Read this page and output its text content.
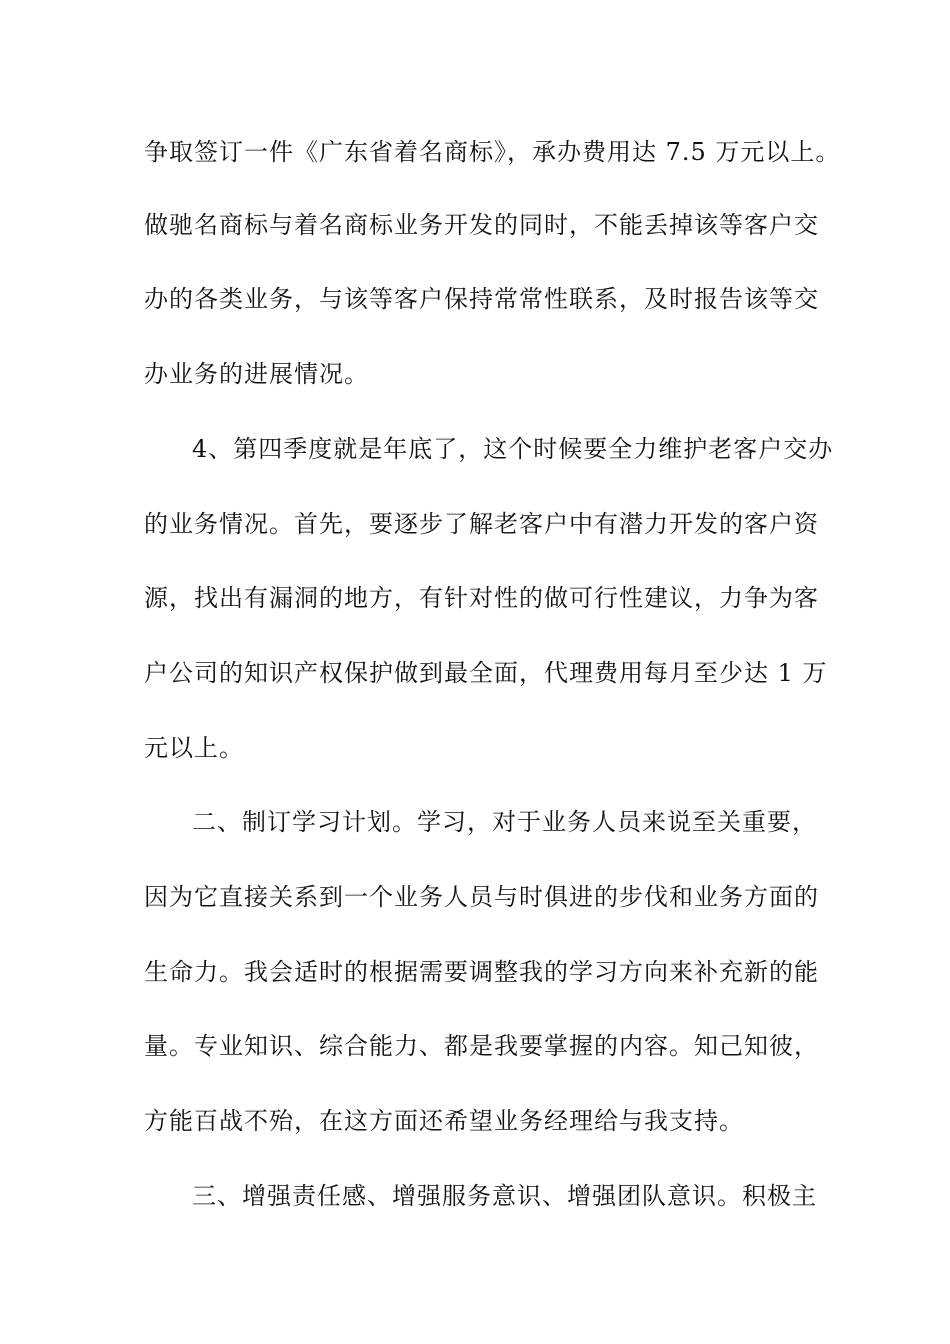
争取签订一件《广东省着名商标》，承办费用达 7.5 万元以上。
做驰名商标与着名商标业务开发的同时，不能丢掉该等客户交
办的各类业务，与该等客户保持常常性联系，及时报告该等交
办业务的进展情况。
4、第四季度就是年底了，这个时候要全力维护老客户交办
的业务情况。首先，要逐步了解老客户中有潜力开发的客户资
源，找出有漏洞的地方，有针对性的做可行性建议，力争为客
户公司的知识产权保护做到最全面，代理费用每月至少达 1 万
元以上。
二、制订学习计划。学习，对于业务人员来说至关重要，
因为它直接关系到一个业务人员与时俱进的步伐和业务方面的
生命力。我会适时的根据需要调整我的学习方向来补充新的能
量。专业知识、综合能力、都是我要掌握的内容。知己知彼，
方能百战不殆，在这方面还希望业务经理给与我支持。
三、增强责任感、增强服务意识、增强团队意识。积极主
